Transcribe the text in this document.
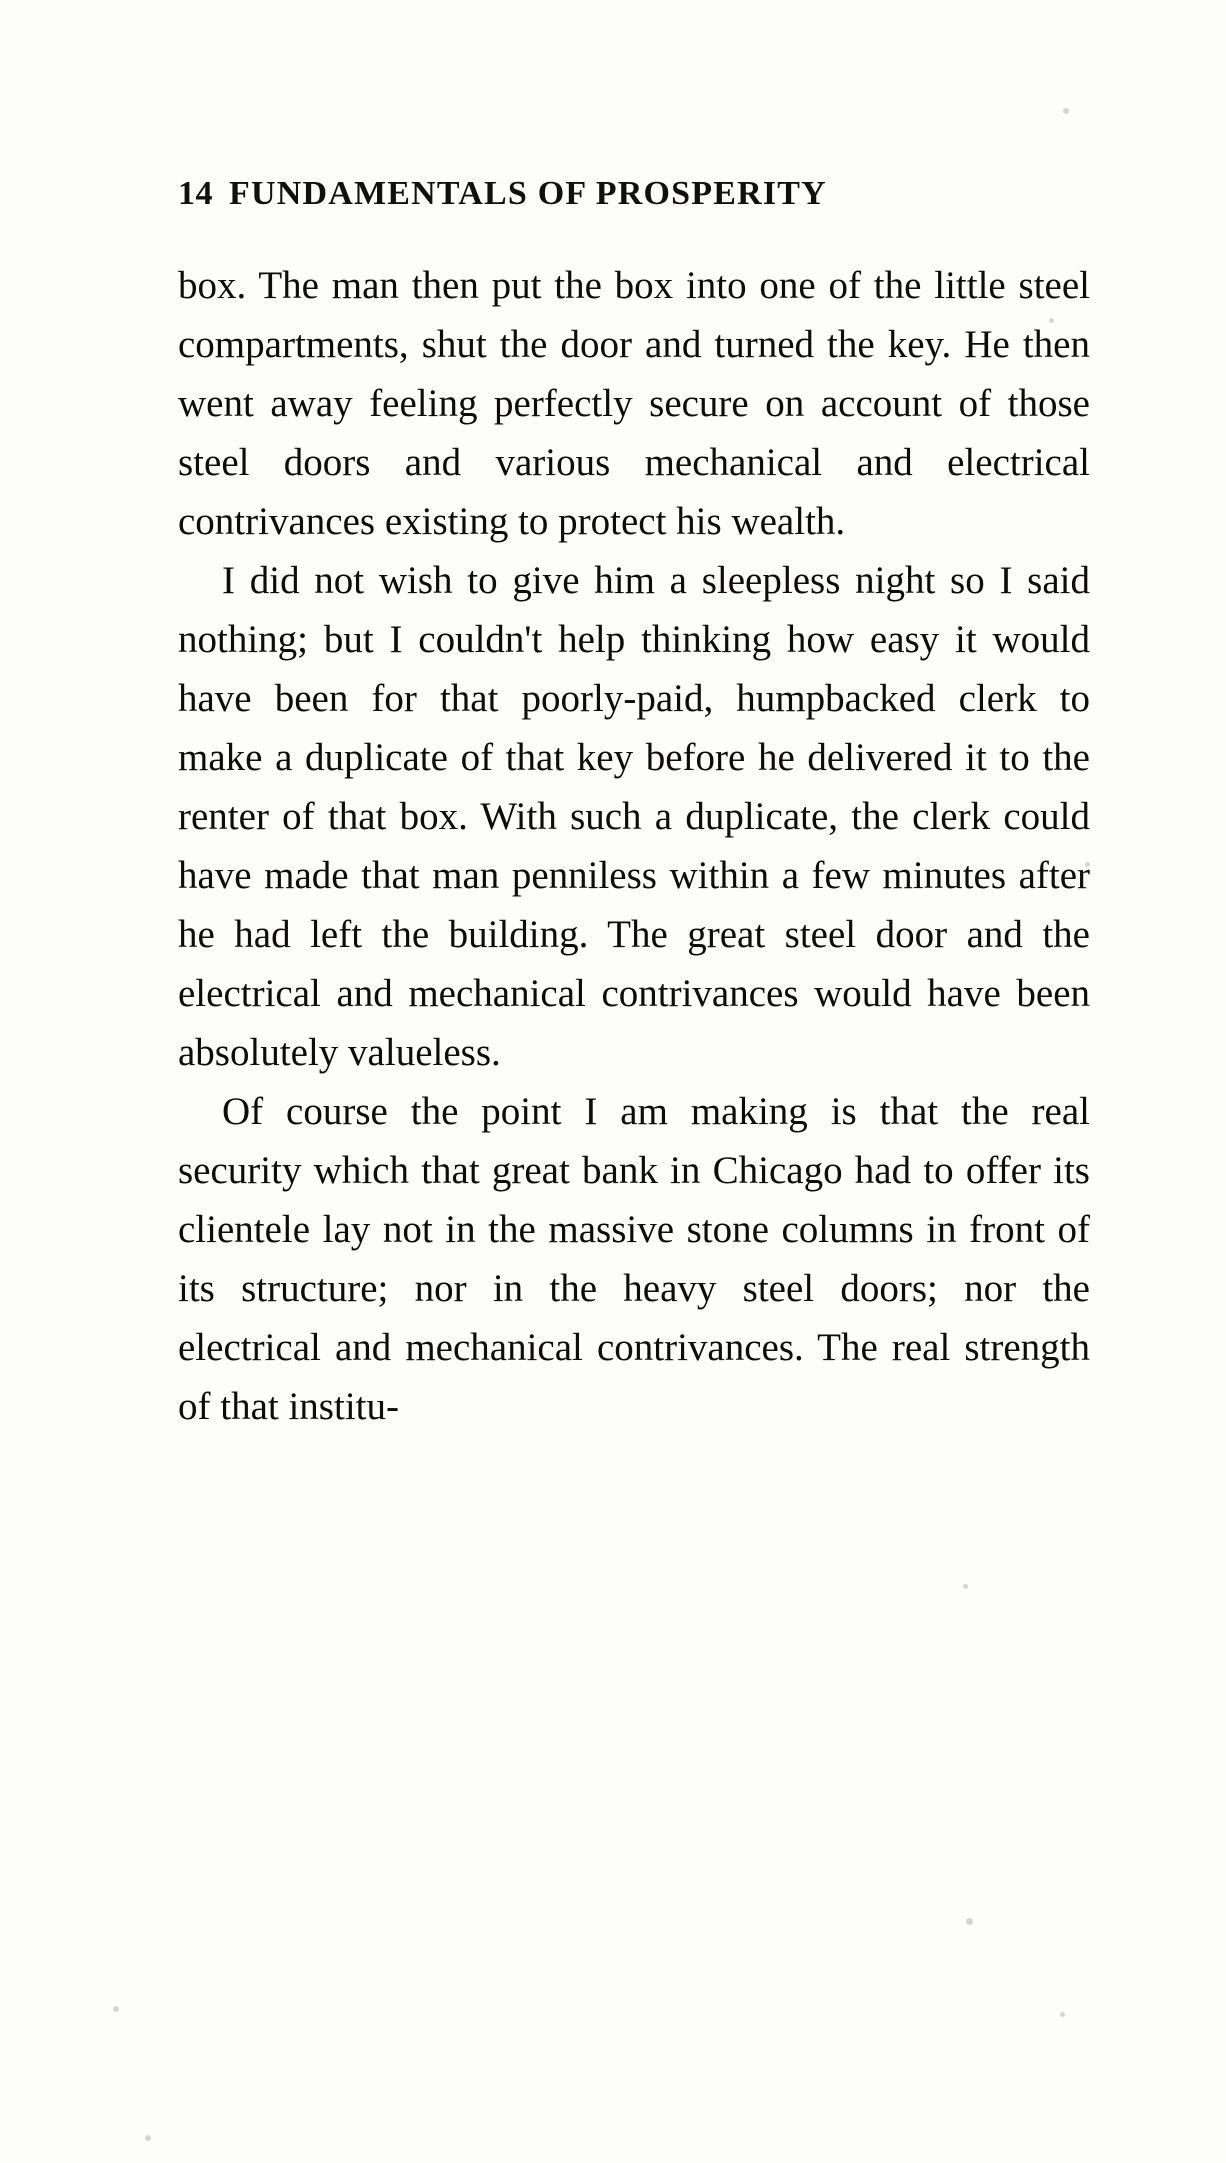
14 FUNDAMENTALS OF PROSPERITY

box. The man then put the box into one of the little steel compartments, shut the door and turned the key. He then went away feeling perfectly secure on account of those steel doors and various mechanical and electrical contrivances existing to protect his wealth.

I did not wish to give him a sleepless night so I said nothing; but I couldn't help thinking how easy it would have been for that poorly-paid, humpbacked clerk to make a duplicate of that key before he delivered it to the renter of that box. With such a duplicate, the clerk could have made that man penniless within a few minutes after he had left the building. The great steel door and the electrical and mechanical contrivances would have been absolutely valueless.

Of course the point I am making is that the real security which that great bank in Chicago had to offer its clientele lay not in the massive stone columns in front of its structure; nor in the heavy steel doors; nor the electrical and mechanical contrivances. The real strength of that institu-
